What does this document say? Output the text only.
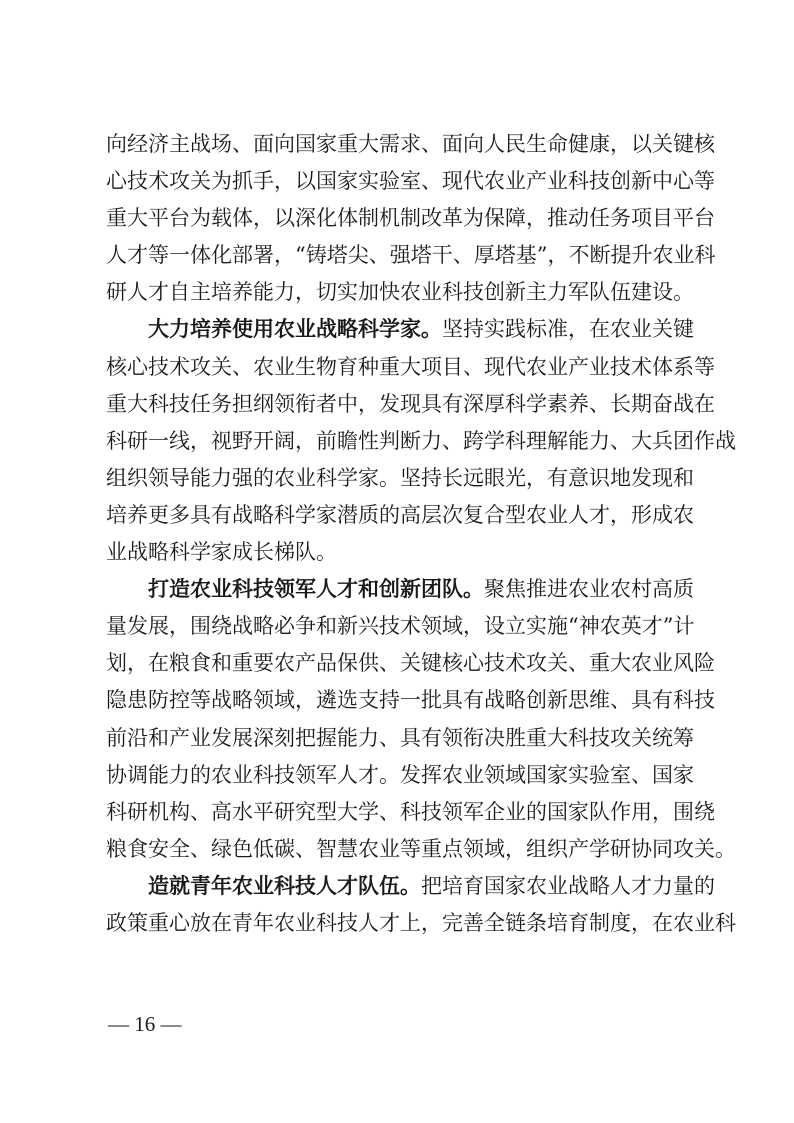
向经济主战场、面向国家重大需求、面向人民生命健康，以关键核
心技术攻关为抓手，以国家实验室、现代农业产业科技创新中心等
重大平台为载体，以深化体制机制改革为保障，推动任务项目平台
人才等一体化部署，“铸塔尖、强塔干、厚塔基”，不断提升农业科
研人才自主培养能力，切实加快农业科技创新主力军队伍建设。
大力培养使用农业战略科学家。坚持实践标准，在农业关键
核心技术攻关、农业生物育种重大项目、现代农业产业技术体系等
重大科技任务担纲领衔者中，发现具有深厚科学素养、长期奋战在
科研一线，视野开阔，前瞻性判断力、跨学科理解能力、大兵团作战
组织领导能力强的农业科学家。坚持长远眼光，有意识地发现和
培养更多具有战略科学家潜质的高层次复合型农业人才，形成农
业战略科学家成长梯队。
打造农业科技领军人才和创新团队。聚焦推进农业农村高质
量发展，围绕战略必争和新兴技术领域，设立实施“神农英才”计
划，在粮食和重要农产品保供、关键核心技术攻关、重大农业风险
隐患防控等战略领域，遴选支持一批具有战略创新思维、具有科技
前沿和产业发展深刻把握能力、具有领衔决胜重大科技攻关统筹
协调能力的农业科技领军人才。发挥农业领域国家实验室、国家
科研机构、高水平研究型大学、科技领军企业的国家队作用，围绕
粮食安全、绿色低碳、智慧农业等重点领域，组织产学研协同攻关。
造就青年农业科技人才队伍。把培育国家农业战略人才力量的
政策重心放在青年农业科技人才上，完善全链条培育制度，在农业科
— 16 —
